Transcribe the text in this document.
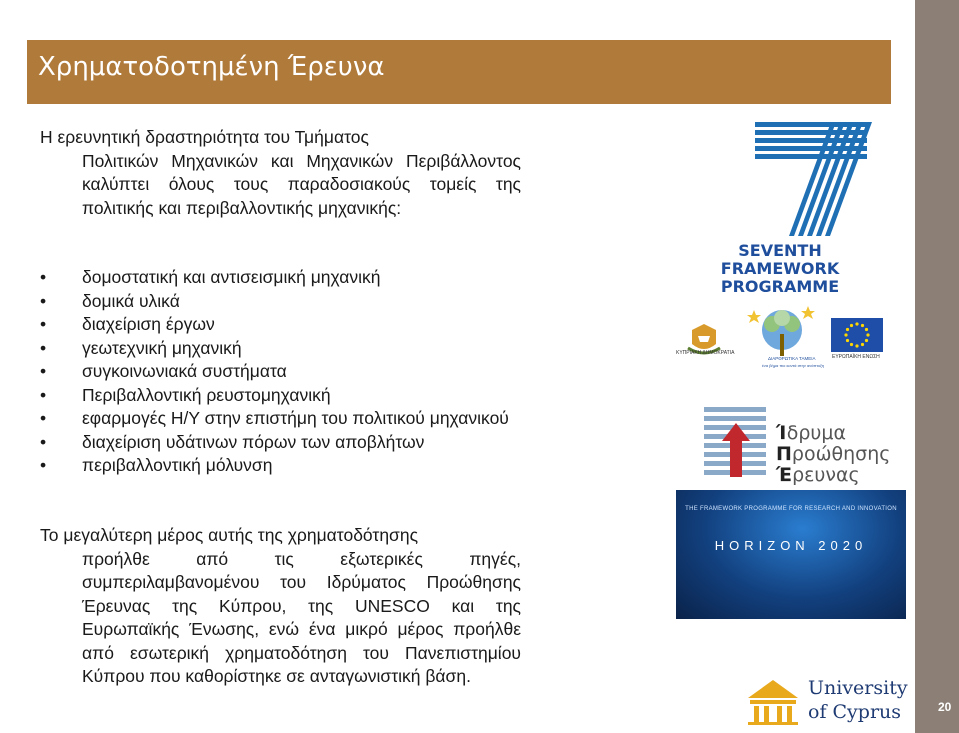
20
Χρηματοδοτημένη Έρευνα
Η ερευνητική δραστηριότητα του Τμήματος
Πολιτικών Μηχανικών και Μηχανικών Περιβάλλοντος καλύπτει όλους τους παραδοσιακούς τομείς της πολιτικής και περιβαλλοντικής μηχανικής:
• δομοστατική και αντισεισμική μηχανική
• δομικά υλικά
• διαχείριση έργων
• γεωτεχνική μηχανική
• συγκοινωνιακά συστήματα
• Περιβαλλοντική ρευστομηχανική
• εφαρμογές Η/Υ στην επιστήμη του πολιτικού μηχανικού
• διαχείριση υδάτινων πόρων των αποβλήτων
• περιβαλλοντική μόλυνση
Το μεγαλύτερη μέρος αυτής της χρηματοδότησης
προήλθε από τις εξωτερικές πηγές, συμπεριλαμβανομένου του Ιδρύματος Προώθησης Έρευνας της Κύπρου, της UNESCO και της Ευρωπαϊκής Ένωσης, ενώ ένα μικρό μέρος προήλθε από εσωτερική χρηματοδότηση του Πανεπιστημίου Κύπρου που καθορίστηκε σε ανταγωνιστική βάση.
SEVENTH FRAMEWORK
PROGRAMME
ΚΥΠΡΙΑΚΗ ΔΗΜΟΚΡΑΤΙΑ
ΔΙΑΡΘΡΩΤΙΚΑ ΤΑΜΕΙΑ
ένα βήμα πιο κοντά στην ανάπτυξη
ΕΥΡΩΠΑΪΚΗ ΕΝΩΣΗ
Ίδρυμα
Προώθησης
Έρευνας
THE FRAMEWORK PROGRAMME FOR RESEARCH AND INNOVATION
HORIZON 2020
University
of Cyprus
